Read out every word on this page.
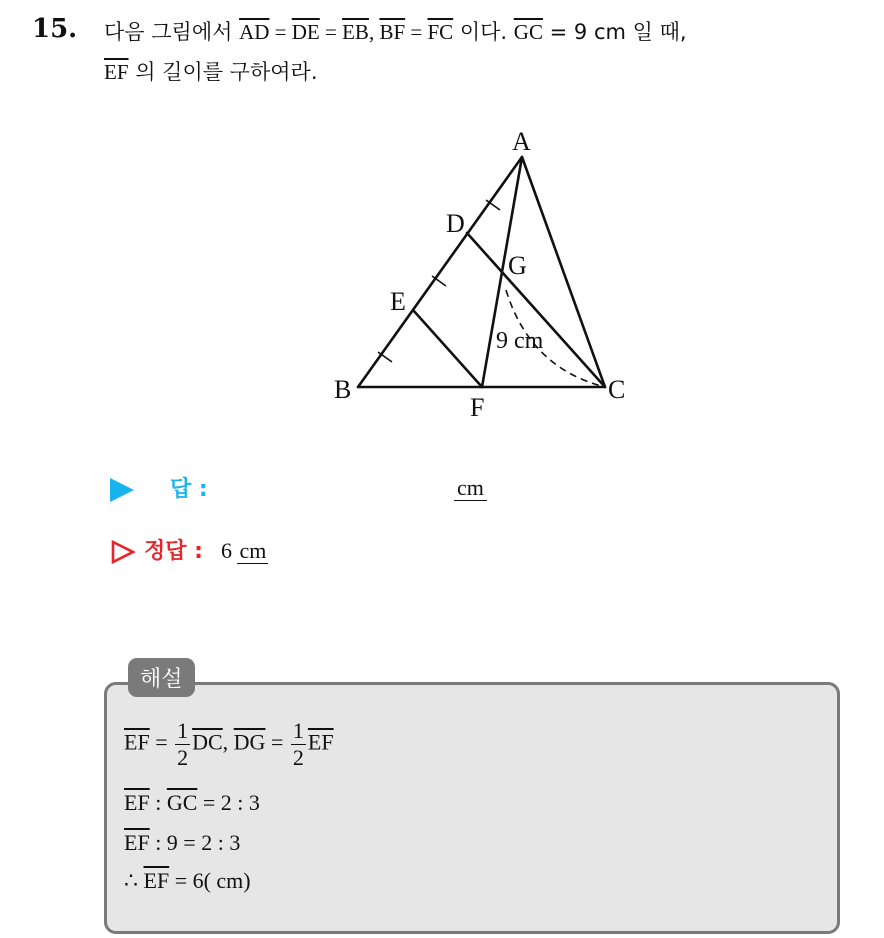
15. 다음 그림에서 $\overline{AD} = \overline{DE} = \overline{EB}$, $\overline{BF} = \overline{FC}$ 이다. $\overline{GC} = 9$ cm 일 때,
$\overline{EF}$ 의 길이를 구하여라.
A
B	C
D
E
F
G
9 cm
답 :	cm
정답 : 6 cm
해설
$\overline{EF} = \frac{1}{2} \overline{DC}$, $\overline{DG} = \frac{1}{2} \overline{EF}$
$\overline{EF}$ : $\overline{GC} = 2$ : 3
$\overline{EF}$ : 9 = 2 : 3
∴ $\overline{EF} = 6$( cm)
